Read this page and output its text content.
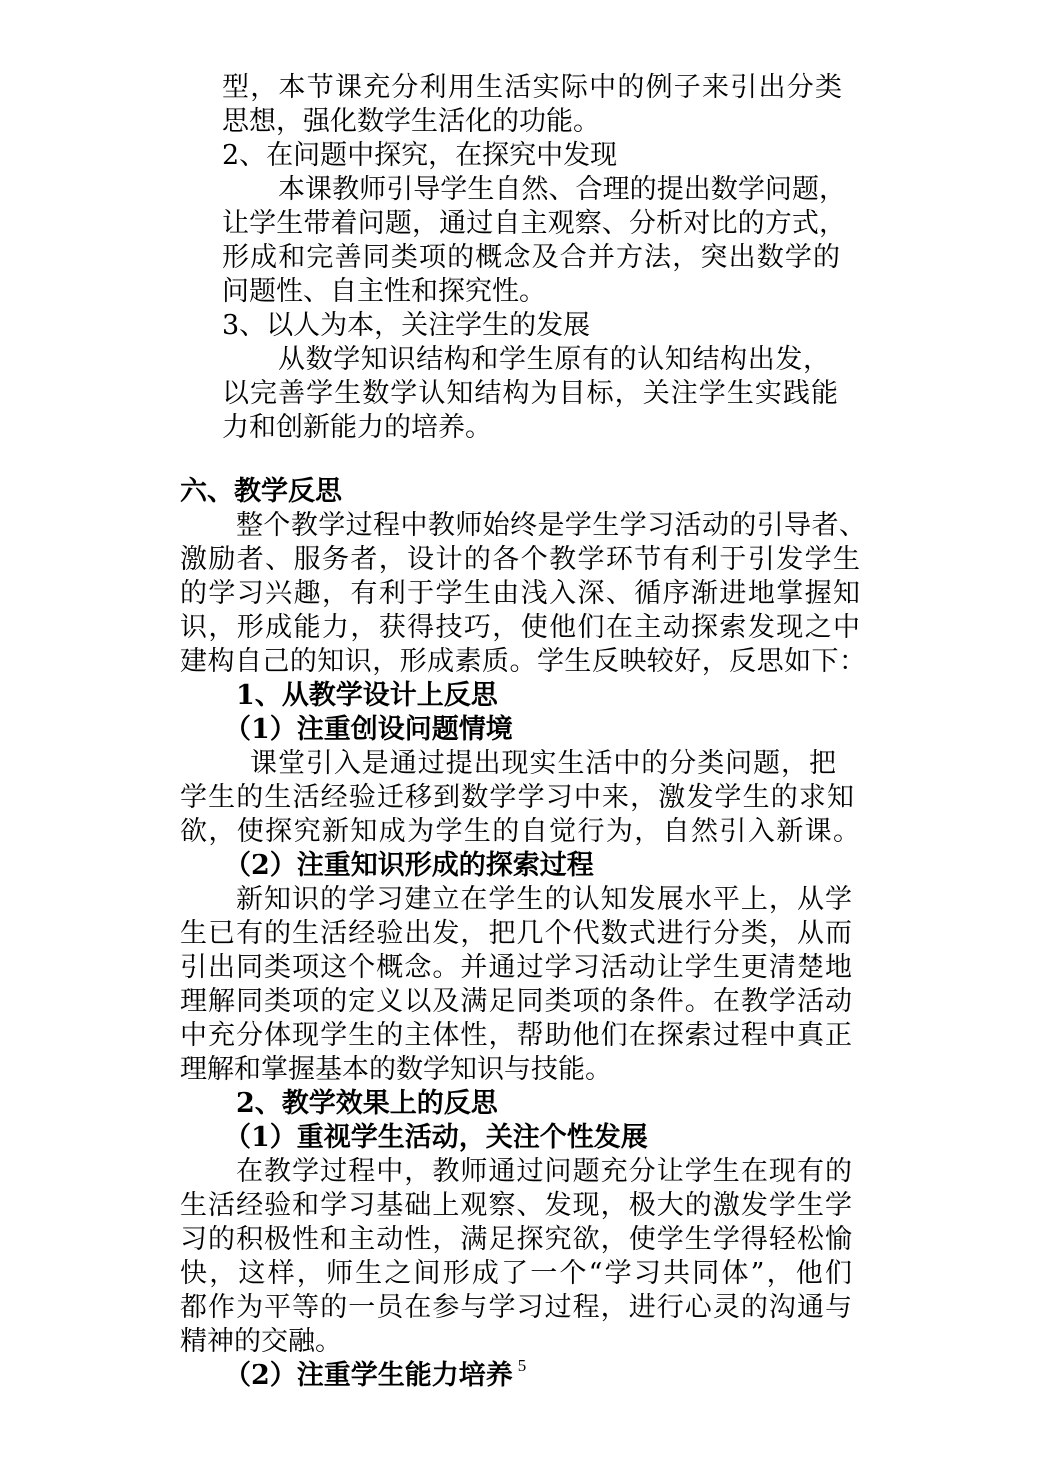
型，本节课充分利用生活实际中的例子来引出分类
思想，强化数学生活化的功能。
2、在问题中探究，在探究中发现
本课教师引导学生自然、合理的提出数学问题，
让学生带着问题，通过自主观察、分析对比的方式，
形成和完善同类项的概念及合并方法，突出数学的
问题性、自主性和探究性。
3、以人为本，关注学生的发展
从数学知识结构和学生原有的认知结构出发，
以完善学生数学认知结构为目标，关注学生实践能
力和创新能力的培养。
六、教学反思
整个教学过程中教师始终是学生学习活动的引导者、
激励者、服务者，设计的各个教学环节有利于引发学生
的学习兴趣，有利于学生由浅入深、循序渐进地掌握知
识，形成能力，获得技巧，使他们在主动探索发现之中
建构自己的知识，形成素质。学生反映较好，反思如下：
1、从教学设计上反思
（1）注重创设问题情境
课堂引入是通过提出现实生活中的分类问题，把
学生的生活经验迁移到数学学习中来，激发学生的求知
欲，使探究新知成为学生的自觉行为，自然引入新课。
（2）注重知识形成的探索过程
新知识的学习建立在学生的认知发展水平上，从学
生已有的生活经验出发，把几个代数式进行分类，从而
引出同类项这个概念。并通过学习活动让学生更清楚地
理解同类项的定义以及满足同类项的条件。在教学活动
中充分体现学生的主体性，帮助他们在探索过程中真正
理解和掌握基本的数学知识与技能。
2、教学效果上的反思
（1）重视学生活动，关注个性发展
在教学过程中，教师通过问题充分让学生在现有的
生活经验和学习基础上观察、发现，极大的激发学生学
习的积极性和主动性，满足探究欲，使学生学得轻松愉
快，这样，师生之间形成了一个“学习共同体”，他们
都作为平等的一员在参与学习过程，进行心灵的沟通与
精神的交融。
（2）注重学生能力培养 5
